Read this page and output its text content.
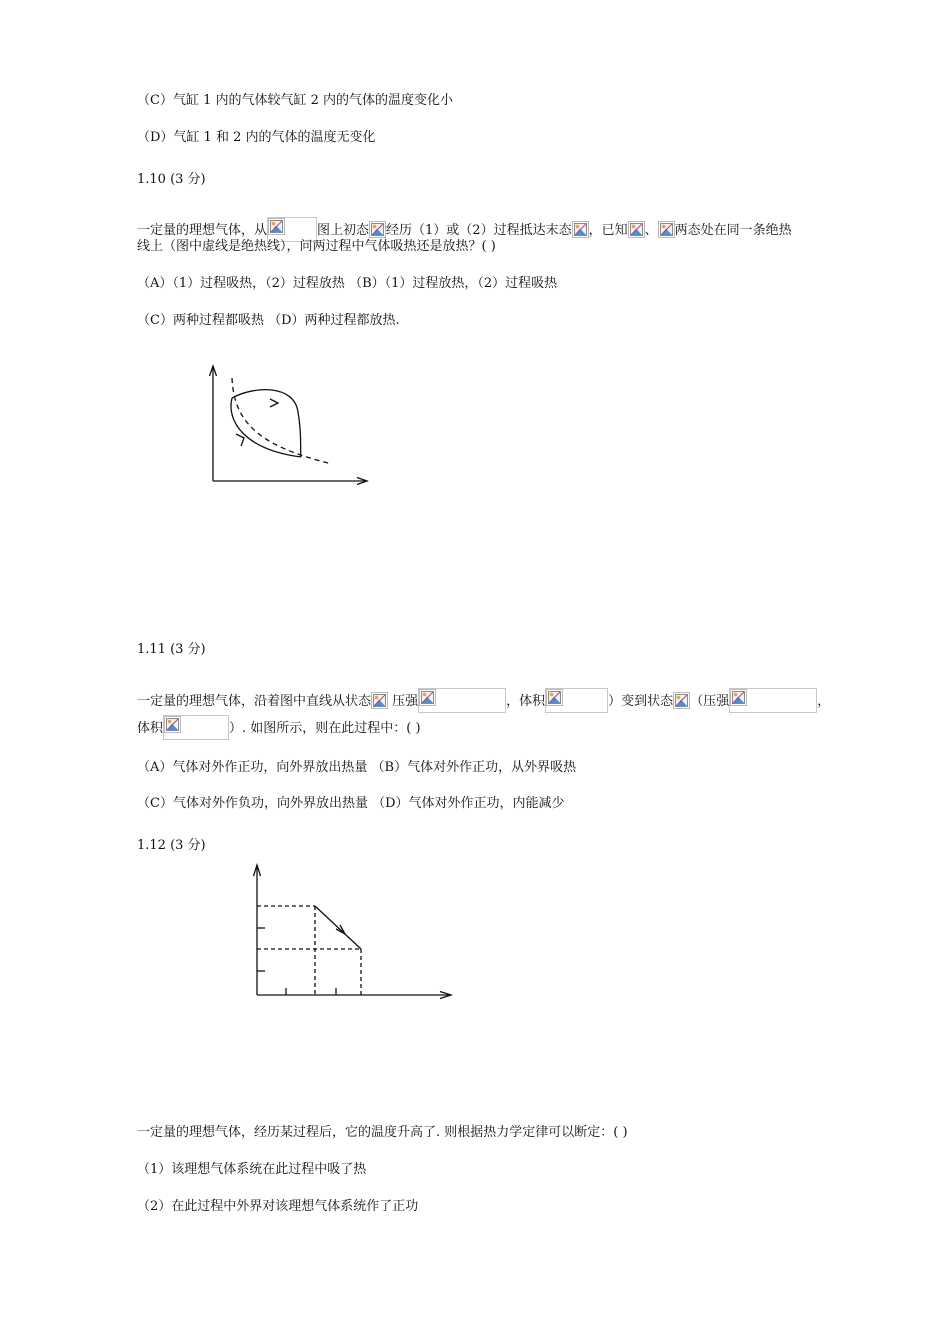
（C）气缸 1 内的气体较气缸 2 内的气体的温度变化小
（D）气缸 1 和 2 内的气体的温度无变化
1.10 (3 分)
一定量的理想气体，从	图上初态 经历（1）或（2）过程抵达末态 ，已知 、 两态处在同一条绝热
线上（图中虚线是绝热线），问两过程中气体吸热还是放热？( )
（A）（1）过程吸热，（2）过程放热 （B）（1）过程放热，（2）过程吸热
（C）两种过程都吸热 （D）两种过程都放热.
1.11 (3 分)
一定量的理想气体，沿着图中直线从状态
压强	，体积	）变到状态 （压强	，
体积	）. 如图所示，则在此过程中：( )
（A）气体对外作正功，向外界放出热量 （B）气体对外作正功，从外界吸热
（C）气体对外作负功，向外界放出热量 （D）气体对外作正功，内能减少
1.12 (3 分)
一定量的理想气体，经历某过程后，它的温度升高了. 则根据热力学定律可以断定：( )
（1）该理想气体系统在此过程中吸了热
（2）在此过程中外界对该理想气体系统作了正功
